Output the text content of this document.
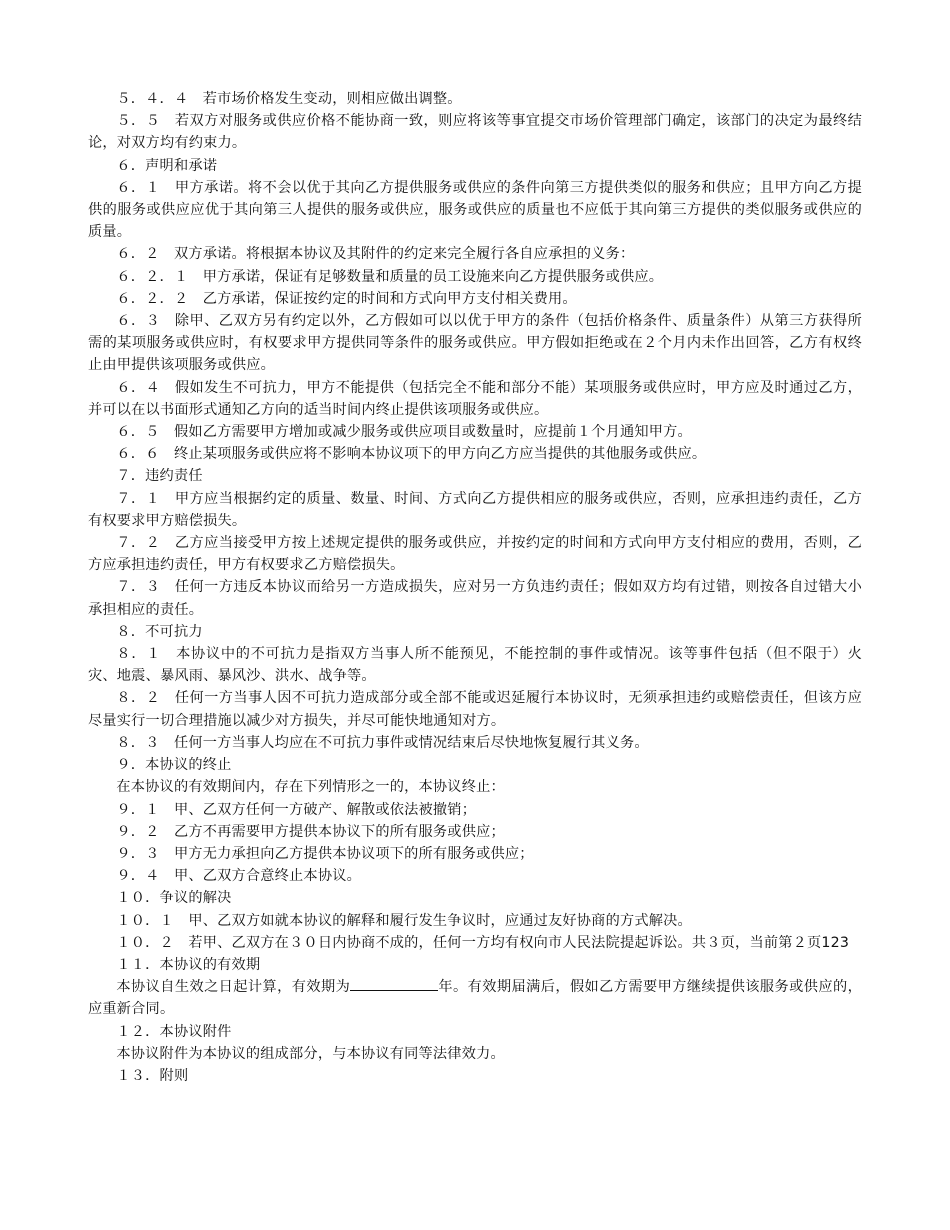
５．４．４　若市场价格发生变动，则相应做出调整。

５．５　若双方对服务或供应价格不能协商一致，则应将该等事宜提交市场价管理部门确定，该部门的决定为最终结论，对双方均有约束力。

６．声明和承诺

６．１　甲方承诺。将不会以优于其向乙方提供服务或供应的条件向第三方提供类似的服务和供应；且甲方向乙方提供的服务或供应应优于其向第三人提供的服务或供应，服务或供应的质量也不应低于其向第三方提供的类似服务或供应的质量。

６．２　双方承诺。将根据本协议及其附件的约定来完全履行各自应承担的义务：

６．２．１　甲方承诺，保证有足够数量和质量的员工设施来向乙方提供服务或供应。

６．２．２　乙方承诺，保证按约定的时间和方式向甲方支付相关费用。

６．３　除甲、乙双方另有约定以外，乙方假如可以以优于甲方的条件（包括价格条件、质量条件）从第三方获得所需的某项服务或供应时，有权要求甲方提供同等条件的服务或供应。甲方假如拒绝或在２个月内未作出回答，乙方有权终止由甲提供该项服务或供应。

６．４　假如发生不可抗力，甲方不能提供（包括完全不能和部分不能）某项服务或供应时，甲方应及时通过乙方，并可以在以书面形式通知乙方向的适当时间内终止提供该项服务或供应。

６．５　假如乙方需要甲方增加或减少服务或供应项目或数量时，应提前１个月通知甲方。

６．６　终止某项服务或供应将不影响本协议项下的甲方向乙方应当提供的其他服务或供应。

７．违约责任

７．１　甲方应当根据约定的质量、数量、时间、方式向乙方提供相应的服务或供应，否则，应承担违约责任，乙方有权要求甲方赔偿损失。

７．２　乙方应当接受甲方按上述规定提供的服务或供应，并按约定的时间和方式向甲方支付相应的费用，否则，乙方应承担违约责任，甲方有权要求乙方赔偿损失。

７．３　任何一方违反本协议而给另一方造成损失，应对另一方负违约责任；假如双方均有过错，则按各自过错大小承担相应的责任。

８．不可抗力

８．１　本协议中的不可抗力是指双方当事人所不能预见，不能控制的事件或情况。该等事件包括（但不限于）火灾、地震、暴风雨、暴风沙、洪水、战争等。

８．２　任何一方当事人因不可抗力造成部分或全部不能或迟延履行本协议时，无须承担违约或赔偿责任，但该方应尽量实行一切合理措施以减少对方损失，并尽可能快地通知对方。

８．３　任何一方当事人均应在不可抗力事件或情况结束后尽快地恢复履行其义务。

９．本协议的终止

在本协议的有效期间内，存在下列情形之一的，本协议终止：

９．１　甲、乙双方任何一方破产、解散或依法被撤销；

９．２　乙方不再需要甲方提供本协议下的所有服务或供应；

９．３　甲方无力承担向乙方提供本协议项下的所有服务或供应；

９．４　甲、乙双方合意终止本协议。

１０．争议的解决

１０．１　甲、乙双方如就本协议的解释和履行发生争议时，应通过友好协商的方式解决。

１０．２　若甲、乙双方在３０日内协商不成的，任何一方均有权向市人民法院提起诉讼。共３页，当前第２页123

１１．本协议的有效期

本协议自生效之日起计算，有效期为	年。有效期届满后，假如乙方需要甲方继续提供该服务或供应的，应重新合同。

１２．本协议附件

本协议附件为本协议的组成部分，与本协议有同等法律效力。

１３．附则
